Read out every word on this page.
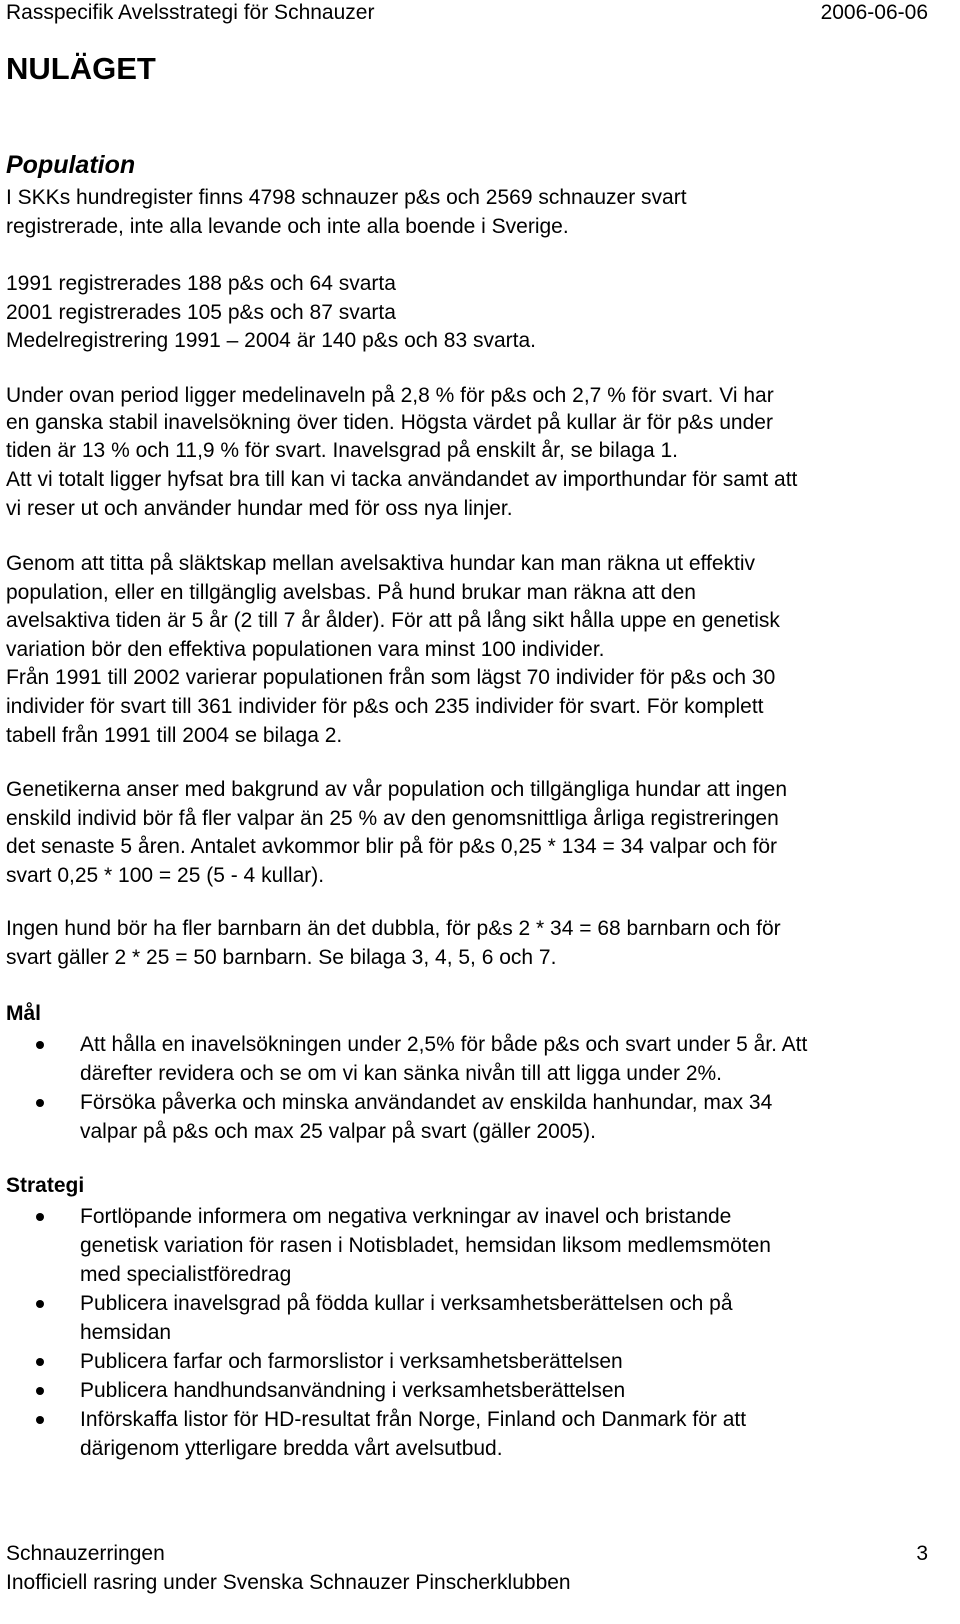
Rasspecifik Avelsstrategi för Schnauzer	2006-06-06
NULÄGET
Population
I SKKs hundregister finns 4798 schnauzer p&s och 2569 schnauzer svart
registrerade, inte alla levande och inte alla boende i Sverige.
1991 registrerades 188 p&s och 64 svarta
2001 registrerades 105 p&s och 87 svarta
Medelregistrering 1991 – 2004 är 140 p&s och 83 svarta.
Under ovan period ligger medelinaveln på 2,8 % för p&s och 2,7 % för svart. Vi har
en ganska stabil inavelsökning över tiden. Högsta värdet på kullar är för p&s under
tiden är 13 % och 11,9 % för svart. Inavelsgrad på enskilt år, se bilaga 1.
Att vi totalt ligger hyfsat bra till kan vi tacka användandet av importhundar för samt att
vi reser ut och använder hundar med för oss nya linjer.
Genom att titta på släktskap mellan avelsaktiva hundar kan man räkna ut effektiv
population, eller en tillgänglig avelsbas. På hund brukar man räkna att den
avelsaktiva tiden är 5 år (2 till 7 år ålder). För att på lång sikt hålla uppe en genetisk
variation bör den effektiva populationen vara minst 100 individer.
Från 1991 till 2002 varierar populationen från som lägst 70 individer för p&s och 30
individer för svart till 361 individer för p&s och 235 individer för svart. För komplett
tabell från 1991 till 2004 se bilaga 2.
Genetikerna anser med bakgrund av vår population och tillgängliga hundar att ingen
enskild individ bör få fler valpar än 25 % av den genomsnittliga årliga registreringen
det senaste 5 åren. Antalet avkommor blir på för p&s 0,25 * 134 = 34 valpar och för
svart 0,25 * 100 = 25 (5 - 4 kullar).
Ingen hund bör ha fler barnbarn än det dubbla, för p&s 2 * 34 = 68 barnbarn och för
svart gäller 2 * 25 = 50 barnbarn. Se bilaga 3, 4, 5, 6 och 7.
Mål
Att hålla en inavelsökningen under 2,5% för både p&s och svart under 5 år. Att
därefter revidera och se om vi kan sänka nivån till att ligga under 2%.
Försöka påverka och minska användandet av enskilda hanhundar, max 34
valpar på p&s och max 25 valpar på svart (gäller 2005).
Strategi
Fortlöpande informera om negativa verkningar av inavel och bristande
genetisk variation för rasen i Notisbladet, hemsidan liksom medlemsmöten
med specialistföredrag
Publicera inavelsgrad på födda kullar i verksamhetsberättelsen och på
hemsidan
Publicera farfar och farmorslistor i verksamhetsberättelsen
Publicera handhundsanvändning i verksamhetsberättelsen
Införskaffa listor för HD-resultat från Norge, Finland och Danmark för att
därigenom ytterligare bredda vårt avelsutbud.
Schnauzerringen
Inofficiell rasring under Svenska Schnauzer Pinscherklubben
3
